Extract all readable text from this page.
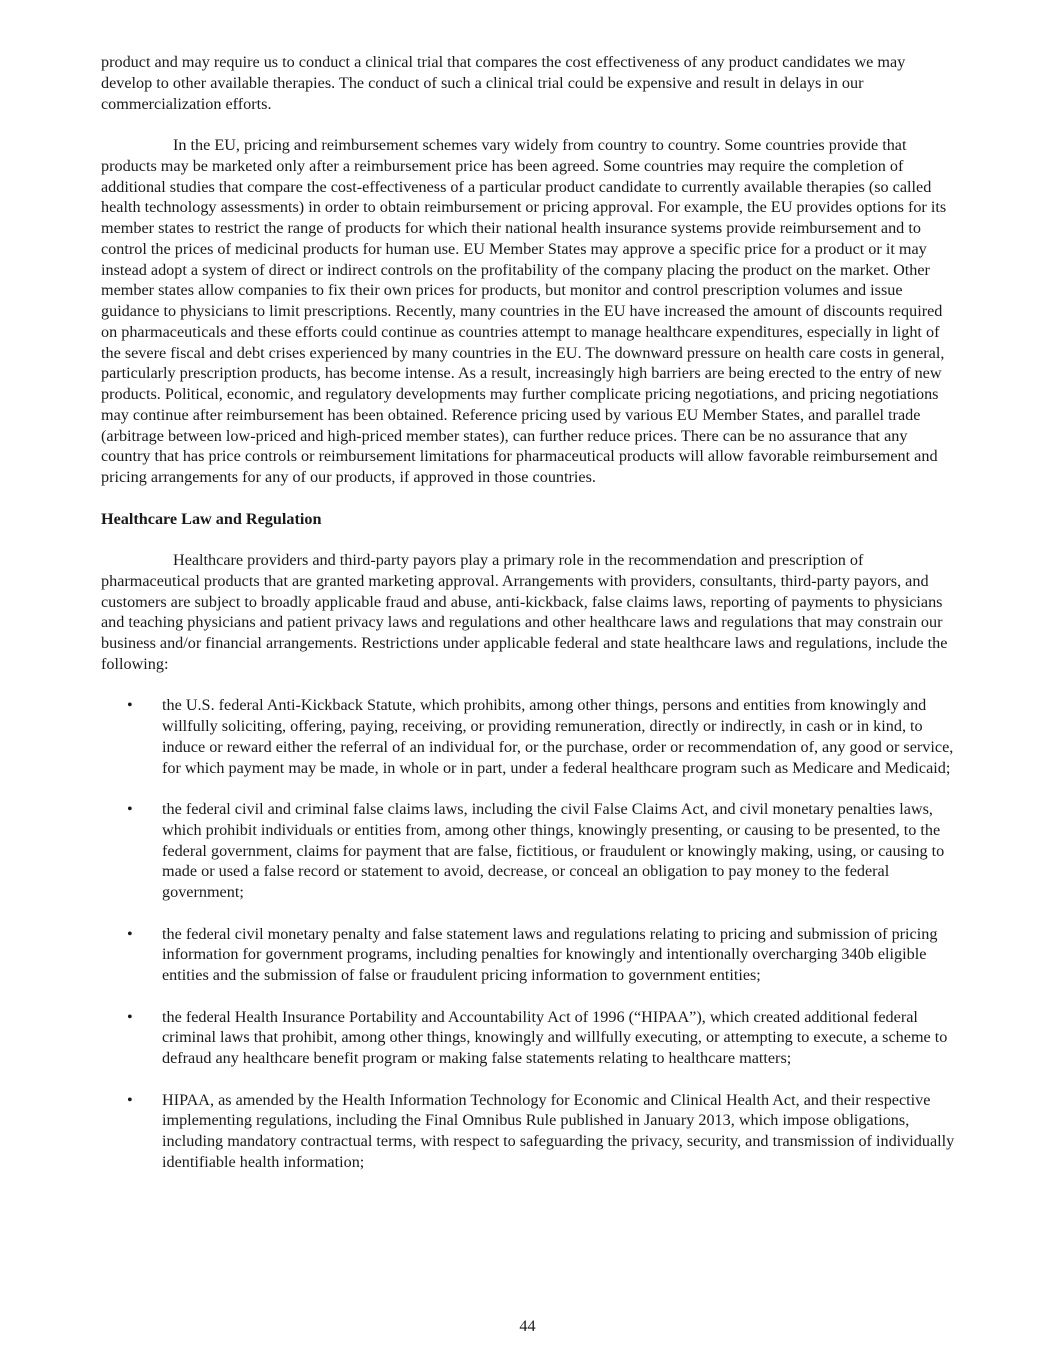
product and may require us to conduct a clinical trial that compares the cost effectiveness of any product candidates we may develop to other available therapies. The conduct of such a clinical trial could be expensive and result in delays in our commercialization efforts.

In the EU, pricing and reimbursement schemes vary widely from country to country. Some countries provide that products may be marketed only after a reimbursement price has been agreed. Some countries may require the completion of additional studies that compare the cost-effectiveness of a particular product candidate to currently available therapies (so called health technology assessments) in order to obtain reimbursement or pricing approval. For example, the EU provides options for its member states to restrict the range of products for which their national health insurance systems provide reimbursement and to control the prices of medicinal products for human use. EU Member States may approve a specific price for a product or it may instead adopt a system of direct or indirect controls on the profitability of the company placing the product on the market. Other member states allow companies to fix their own prices for products, but monitor and control prescription volumes and issue guidance to physicians to limit prescriptions. Recently, many countries in the EU have increased the amount of discounts required on pharmaceuticals and these efforts could continue as countries attempt to manage healthcare expenditures, especially in light of the severe fiscal and debt crises experienced by many countries in the EU. The downward pressure on health care costs in general, particularly prescription products, has become intense. As a result, increasingly high barriers are being erected to the entry of new products. Political, economic, and regulatory developments may further complicate pricing negotiations, and pricing negotiations may continue after reimbursement has been obtained. Reference pricing used by various EU Member States, and parallel trade (arbitrage between low-priced and high-priced member states), can further reduce prices. There can be no assurance that any country that has price controls or reimbursement limitations for pharmaceutical products will allow favorable reimbursement and pricing arrangements for any of our products, if approved in those countries.

Healthcare Law and Regulation

Healthcare providers and third-party payors play a primary role in the recommendation and prescription of pharmaceutical products that are granted marketing approval. Arrangements with providers, consultants, third-party payors, and customers are subject to broadly applicable fraud and abuse, anti-kickback, false claims laws, reporting of payments to physicians and teaching physicians and patient privacy laws and regulations and other healthcare laws and regulations that may constrain our business and/or financial arrangements. Restrictions under applicable federal and state healthcare laws and regulations, include the following:

• the U.S. federal Anti-Kickback Statute, which prohibits, among other things, persons and entities from knowingly and willfully soliciting, offering, paying, receiving, or providing remuneration, directly or indirectly, in cash or in kind, to induce or reward either the referral of an individual for, or the purchase, order or recommendation of, any good or service, for which payment may be made, in whole or in part, under a federal healthcare program such as Medicare and Medicaid;
• the federal civil and criminal false claims laws, including the civil False Claims Act, and civil monetary penalties laws, which prohibit individuals or entities from, among other things, knowingly presenting, or causing to be presented, to the federal government, claims for payment that are false, fictitious, or fraudulent or knowingly making, using, or causing to made or used a false record or statement to avoid, decrease, or conceal an obligation to pay money to the federal government;
• the federal civil monetary penalty and false statement laws and regulations relating to pricing and submission of pricing information for government programs, including penalties for knowingly and intentionally overcharging 340b eligible entities and the submission of false or fraudulent pricing information to government entities;
• the federal Health Insurance Portability and Accountability Act of 1996 (“HIPAA”), which created additional federal criminal laws that prohibit, among other things, knowingly and willfully executing, or attempting to execute, a scheme to defraud any healthcare benefit program or making false statements relating to healthcare matters;
• HIPAA, as amended by the Health Information Technology for Economic and Clinical Health Act, and their respective implementing regulations, including the Final Omnibus Rule published in January 2013, which impose obligations, including mandatory contractual terms, with respect to safeguarding the privacy, security, and transmission of individually identifiable health information;
44
